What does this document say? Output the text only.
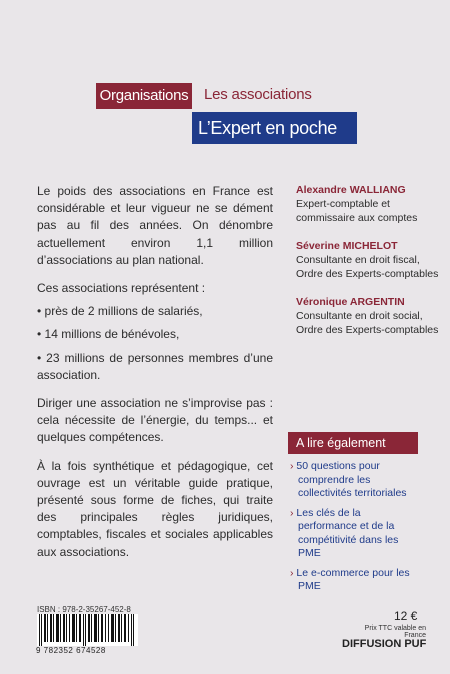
Organisations Les associations
L’Expert en poche

Le poids des associations en France est considérable et leur vigueur ne se dément pas au fil des années. On dénombre actuellement environ 1,1 million d’associations au plan national.

Ces associations représentent :

• près de 2 millions de salariés,
• 14 millions de bénévoles,
• 23 millions de personnes membres d’une association.

Diriger une association ne s’improvise pas : cela nécessite de l’énergie, du temps... et quelques compétences.

À la fois synthétique et pédagogique, cet ouvrage est un véritable guide pratique, présenté sous forme de fiches, qui traite des principales règles juridiques, comptables, fiscales et sociales applicables aux associations.

Alexandre WALLIANG
Expert-comptable et commissaire aux comptes
Séverine MICHELOT
Consultante en droit fiscal, Ordre des Experts-comptables
Véronique ARGENTIN
Consultante en droit social, Ordre des Experts-comptables
A lire également
› 50 questions pour comprendre les collectivités territoriales
› Les clés de la performance et de la compétitivité dans les PME
› Le e-commerce pour les PME
ISBN : 978-2-35267-452-8
9 782352 674528
12 €
Prix TTC valable en France
DIFFUSION PUF
